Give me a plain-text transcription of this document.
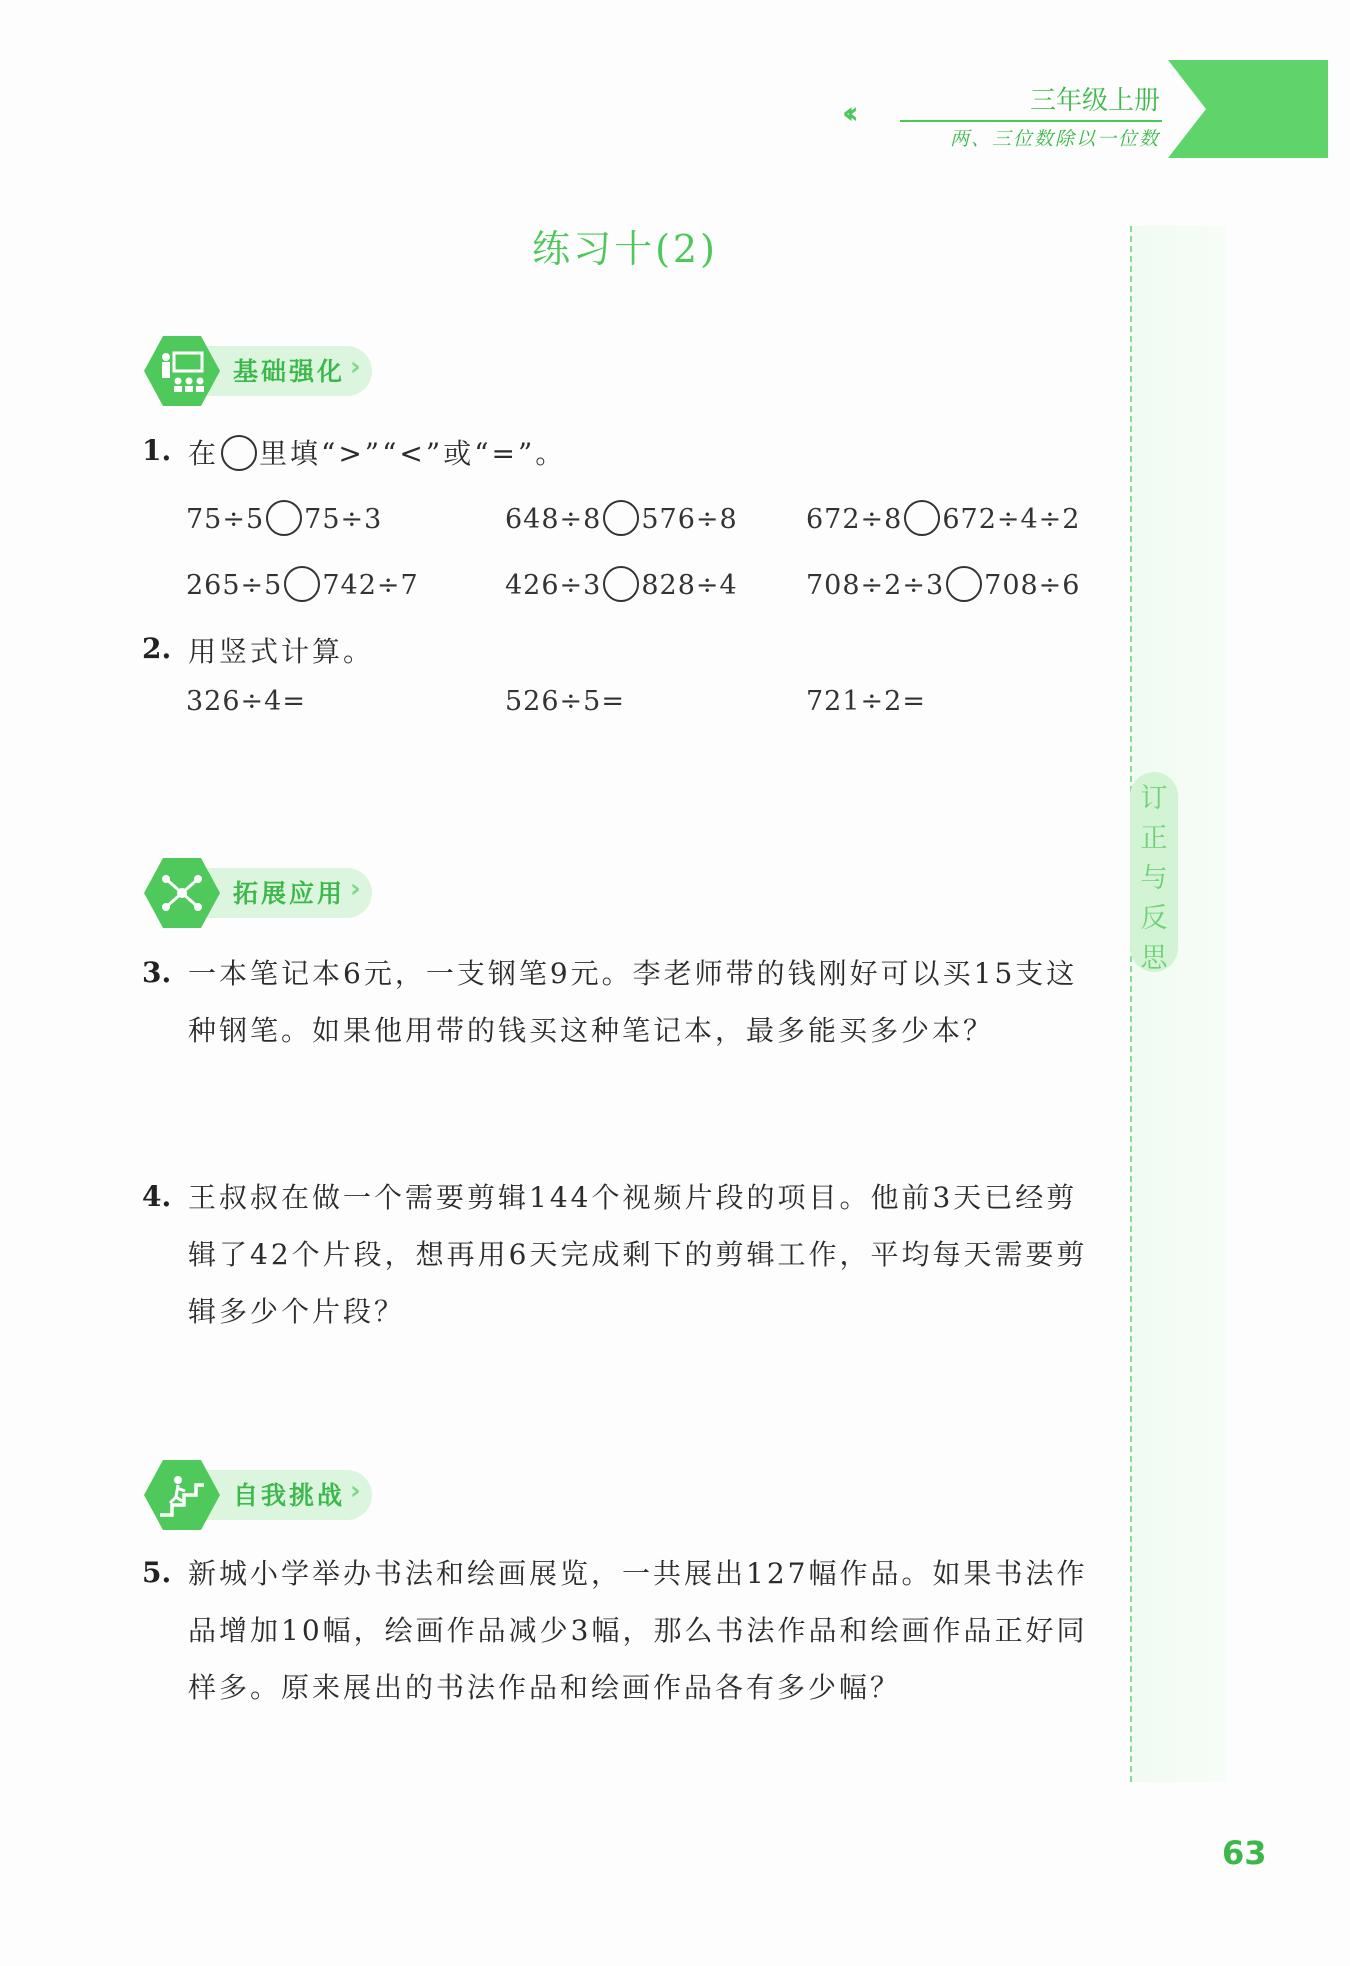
‹‹	三年级上册
两、三位数除以一位数
订
正
与
反
思
练习十(2)
基础强化 ›
1. 在 里填“>”“<”或“=”。
75÷5 75÷3	648÷8 576÷8	672÷8 672÷4÷2
265÷5 742÷7	426÷3 828÷4	708÷2÷3 708÷6
2. 用竖式计算。
326÷4=	526÷5=	721÷2=
拓展应用 ›
3. 一本笔记本6元，一支钢笔9元。李老师带的钱刚好可以买15支这种钢笔。如果他用带的钱买这种笔记本，最多能买多少本？
4. 王叔叔在做一个需要剪辑144个视频片段的项目。他前3天已经剪辑了42个片段，想再用6天完成剩下的剪辑工作，平均每天需要剪辑多少个片段？
自我挑战 ›
5. 新城小学举办书法和绘画展览，一共展出127幅作品。如果书法作品增加10幅，绘画作品减少3幅，那么书法作品和绘画作品正好同样多。原来展出的书法作品和绘画作品各有多少幅？
63
